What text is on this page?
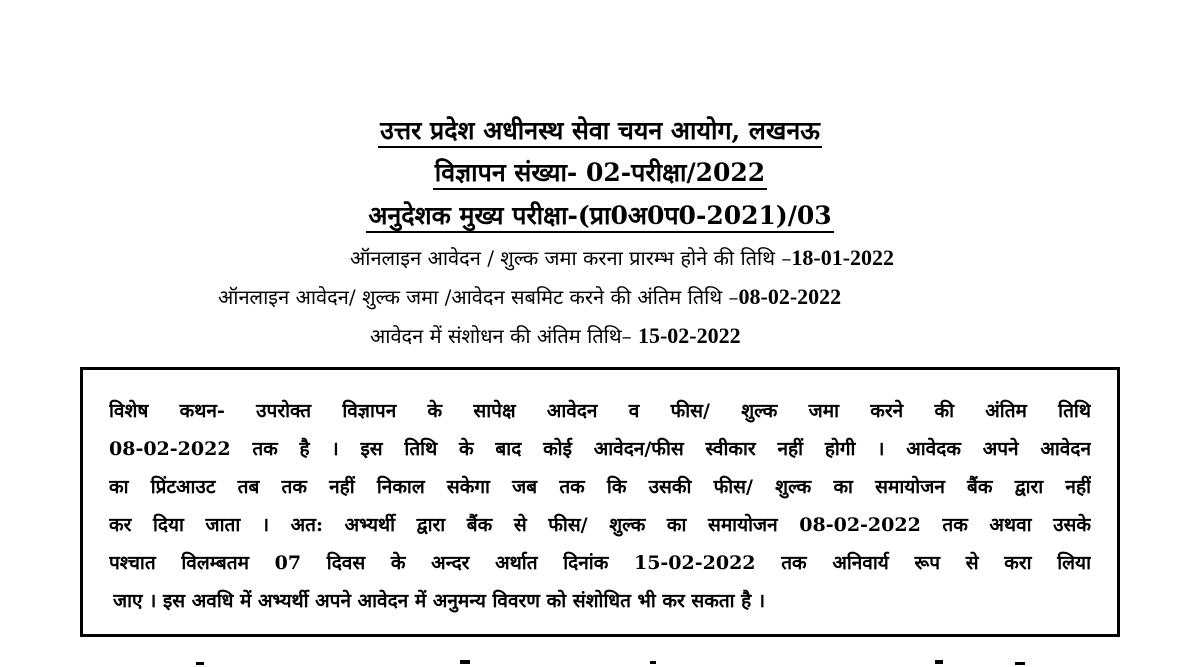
उत्तर प्रदेश अधीनस्थ सेवा चयन आयोग, लखनऊ
विज्ञापन संख्या- 02-परीक्षा/2022
अनुदेशक मुख्य परीक्षा-(प्रा0अ0प0-2021)/03
ऑनलाइन आवेदन / शुल्क जमा करना प्रारम्भ होने की तिथि –18-01-2022
ऑनलाइन आवेदन/ शुल्क जमा /आवेदन सबमिट करने की अंतिम तिथि –08-02-2022
आवेदन में संशोधन की अंतिम तिथि– 15-02-2022
विशेष कथन- उपरोक्त विज्ञापन के सापेक्ष आवेदन व फीस/ शुल्क जमा करने की अंतिम तिथि
08-02-2022 तक है । इस तिथि के बाद कोई आवेदन/फीस स्वीकार नहीं होगी । आवेदक अपने आवेदन
का प्रिंटआउट तब तक नहीं निकाल सकेगा जब तक कि उसकी फीस/ शुल्क का समायोजन बैंक द्वारा नहीं
कर दिया जाता । अत: अभ्यर्थी द्वारा बैंक से फीस/ शुल्क का समायोजन 08-02-2022 तक अथवा उसके
पश्चात विलम्बतम 07 दिवस के अन्दर अर्थात दिनांक 15-02-2022 तक अनिवार्य रूप से करा लिया
जाए । इस अवधि में अभ्यर्थी अपने आवेदन में अनुमन्य विवरण को संशोधित भी कर सकता है ।
